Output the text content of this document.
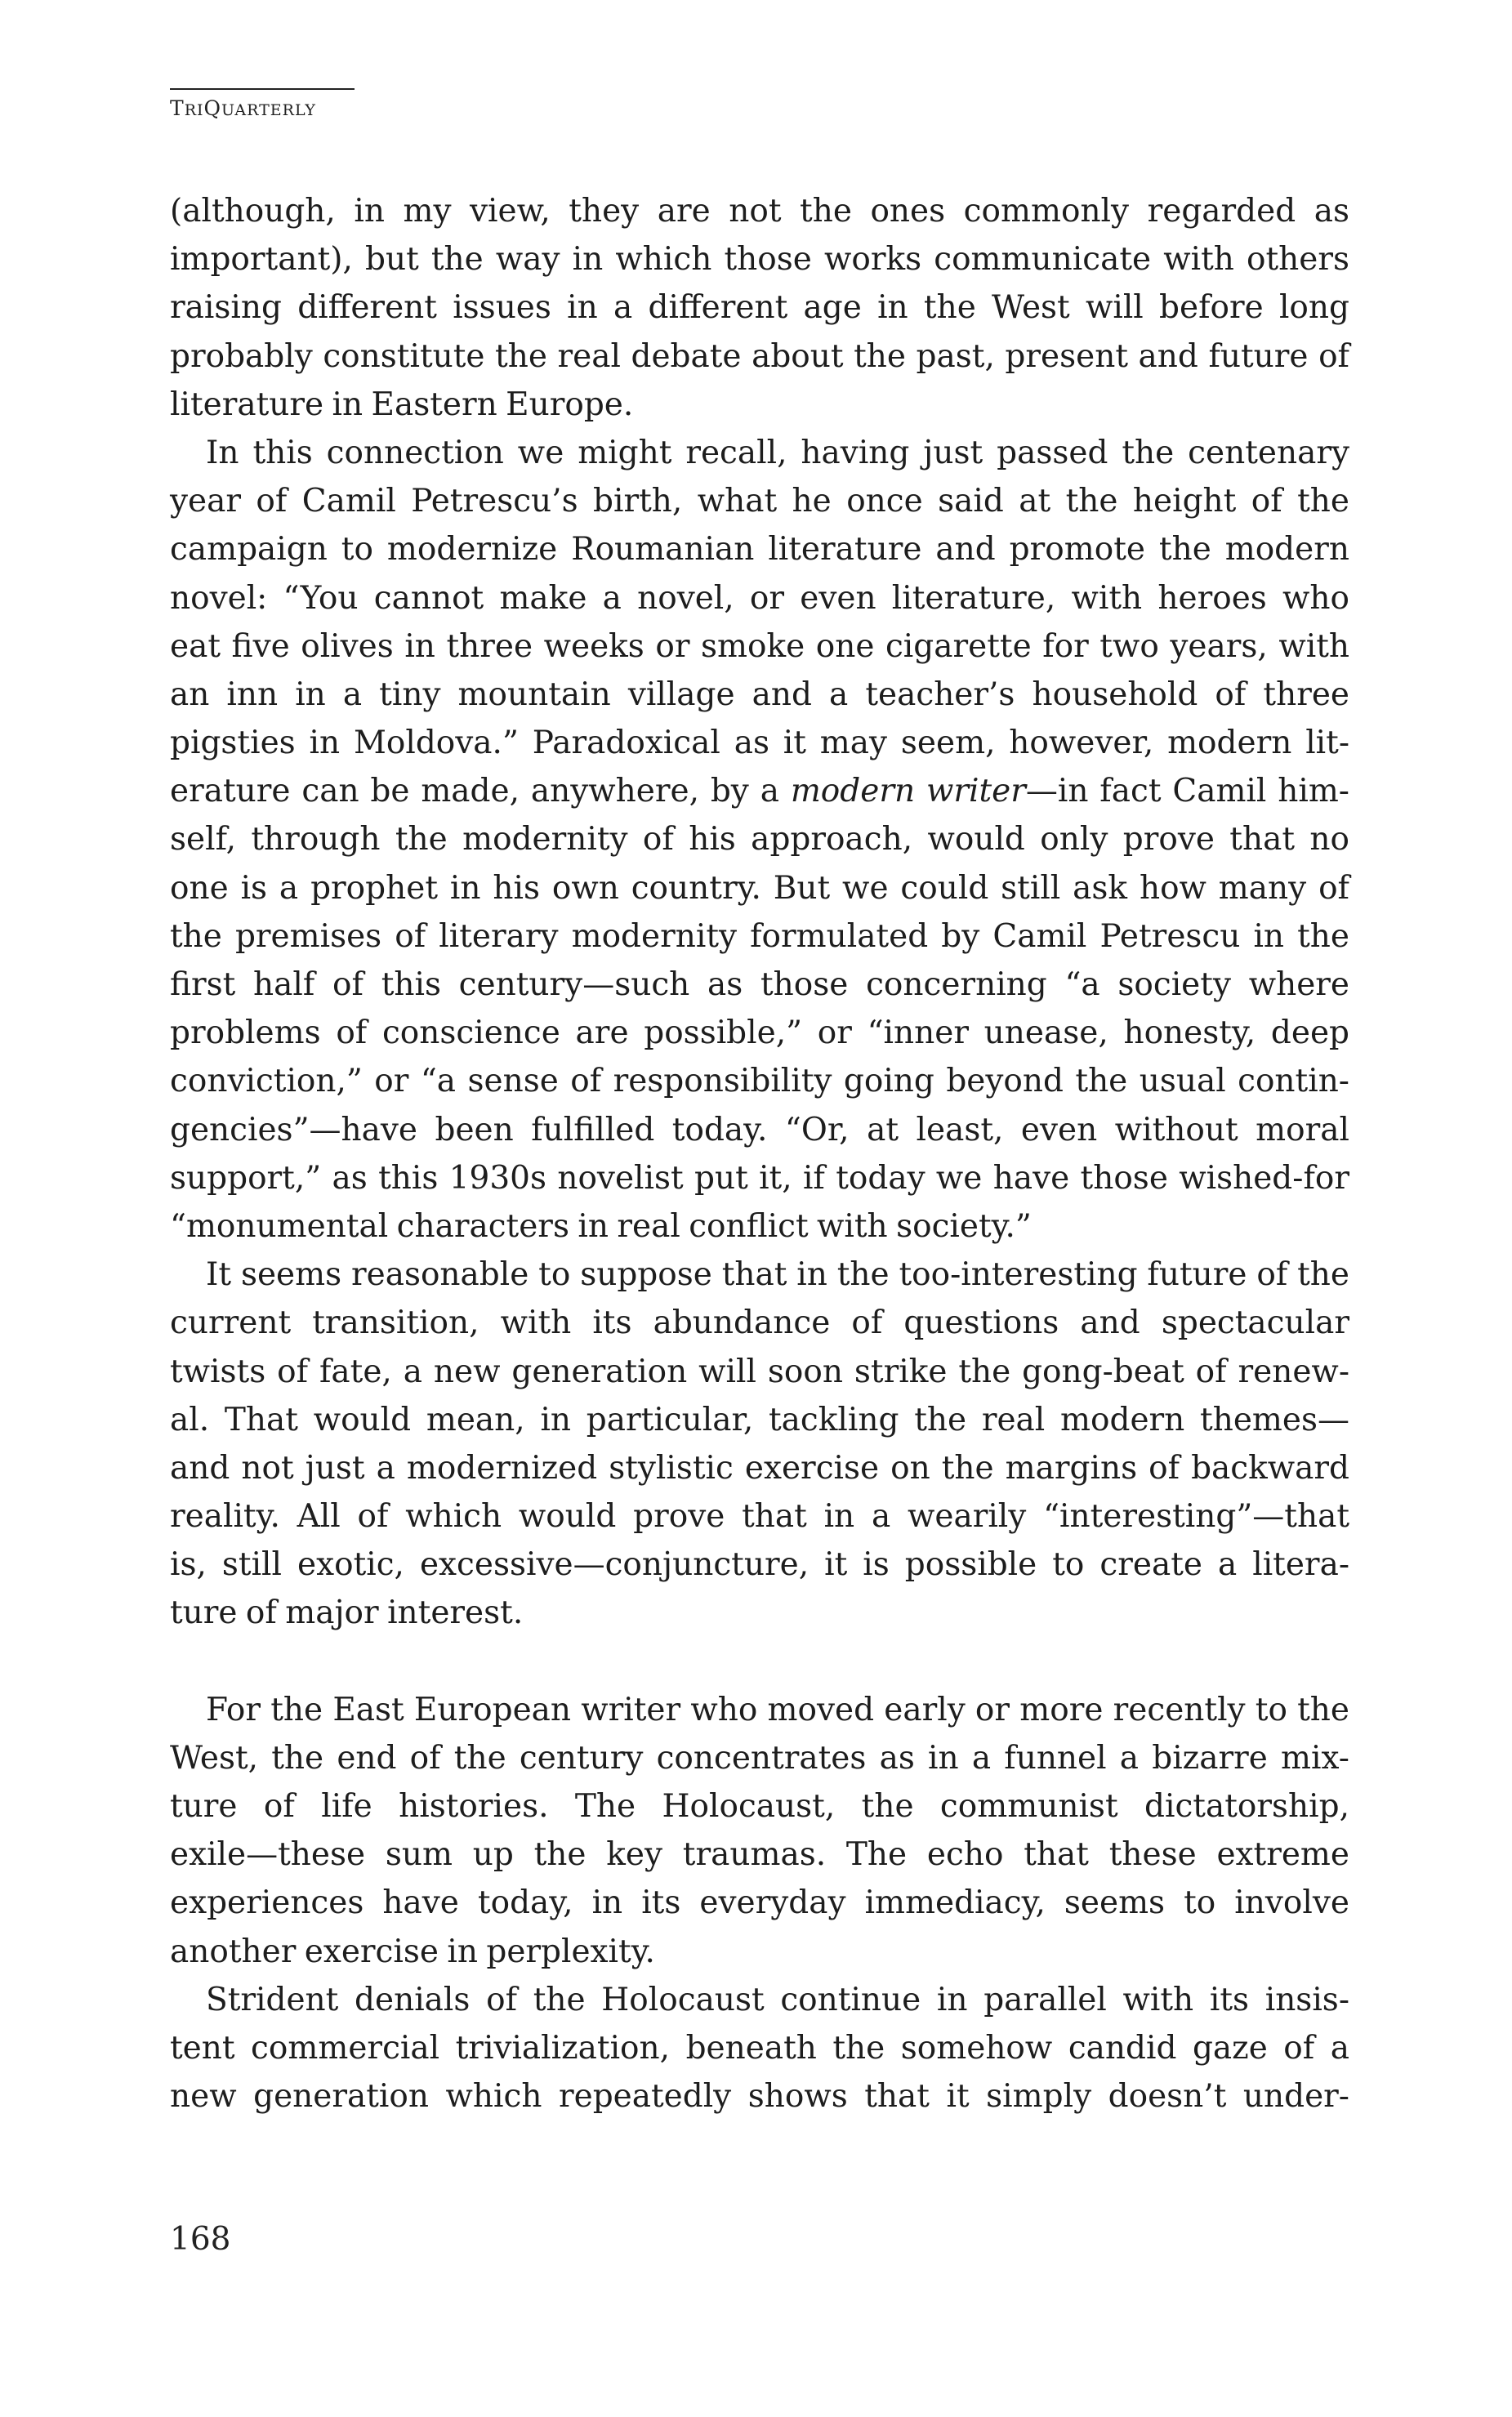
TRIQUARTERLY
(although, in my view, they are not the ones commonly regarded as
important), but the way in which those works communicate with others
raising different issues in a different age in the West will before long
probably constitute the real debate about the past, present and future of
literature in Eastern Europe.
In this connection we might recall, having just passed the centenary
year of Camil Petrescu’s birth, what he once said at the height of the
campaign to modernize Roumanian literature and promote the modern
novel: “You cannot make a novel, or even literature, with heroes who
eat five olives in three weeks or smoke one cigarette for two years, with
an inn in a tiny mountain village and a teacher’s household of three
pigsties in Moldova.” Paradoxical as it may seem, however, modern lit-
erature can be made, anywhere, by a modern writer—in fact Camil him-
self, through the modernity of his approach, would only prove that no
one is a prophet in his own country. But we could still ask how many of
the premises of literary modernity formulated by Camil Petrescu in the
first half of this century—such as those concerning “a society where
problems of conscience are possible,” or “inner unease, honesty, deep
conviction,” or “a sense of responsibility going beyond the usual contin-
gencies”—have been fulfilled today. “Or, at least, even without moral
support,” as this 1930s novelist put it, if today we have those wished-for
“monumental characters in real conflict with society.”
It seems reasonable to suppose that in the too-interesting future of the
current transition, with its abundance of questions and spectacular
twists of fate, a new generation will soon strike the gong-beat of renew-
al. That would mean, in particular, tackling the real modern themes—
and not just a modernized stylistic exercise on the margins of backward
reality. All of which would prove that in a wearily “interesting”—that
is, still exotic, excessive—conjuncture, it is possible to create a litera-
ture of major interest.
For the East European writer who moved early or more recently to the
West, the end of the century concentrates as in a funnel a bizarre mix-
ture of life histories. The Holocaust, the communist dictatorship,
exile—these sum up the key traumas. The echo that these extreme
experiences have today, in its everyday immediacy, seems to involve
another exercise in perplexity.
Strident denials of the Holocaust continue in parallel with its insis-
tent commercial trivialization, beneath the somehow candid gaze of a
new generation which repeatedly shows that it simply doesn’t under-
168
